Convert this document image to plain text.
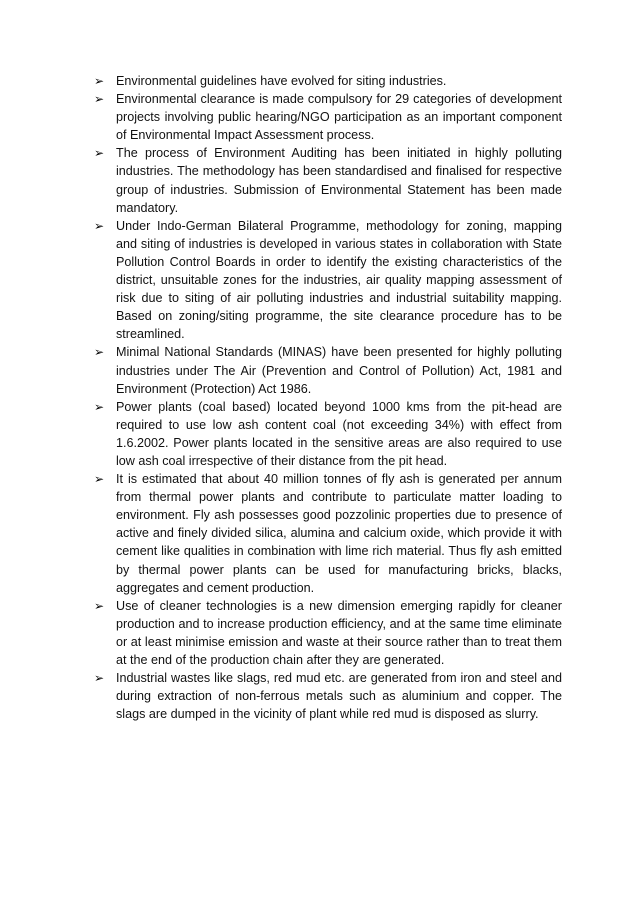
➢ Environmental guidelines have evolved for siting industries.
➢ Environmental clearance is made compulsory for 29 categories of development projects involving public hearing/NGO participation as an important component of Environmental Impact Assessment process.
➢ The process of Environment Auditing has been initiated in highly polluting industries. The methodology has been standardised and finalised for respective group of industries. Submission of Environmental Statement has been made mandatory.
➢ Under Indo-German Bilateral Programme, methodology for zoning, mapping and siting of industries is developed in various states in collaboration with State Pollution Control Boards in order to identify the existing characteristics of the district, unsuitable zones for the industries, air quality mapping assessment of risk due to siting of air polluting industries and industrial suitability mapping. Based on zoning/siting programme, the site clearance procedure has to be streamlined.
➢ Minimal National Standards (MINAS) have been presented for highly polluting industries under The Air (Prevention and Control of Pollution) Act, 1981 and Environment (Protection) Act 1986.
➢ Power plants (coal based) located beyond 1000 kms from the pit-head are required to use low ash content coal (not exceeding 34%) with effect from 1.6.2002. Power plants located in the sensitive areas are also required to use low ash coal irrespective of their distance from the pit head.
➢ It is estimated that about 40 million tonnes of fly ash is generated per annum from thermal power plants and contribute to particulate matter loading to environment. Fly ash possesses good pozzolinic properties due to presence of active and finely divided silica, alumina and calcium oxide, which provide it with cement like qualities in combination with lime rich material. Thus fly ash emitted by thermal power plants can be used for manufacturing bricks, blacks, aggregates and cement production.
➢ Use of cleaner technologies is a new dimension emerging rapidly for cleaner production and to increase production efficiency, and at the same time eliminate or at least minimise emission and waste at their source rather than to treat them at the end of the production chain after they are generated.
➢ Industrial wastes like slags, red mud etc. are generated from iron and steel and during extraction of non-ferrous metals such as aluminium and copper. The slags are dumped in the vicinity of plant while red mud is disposed as slurry.
